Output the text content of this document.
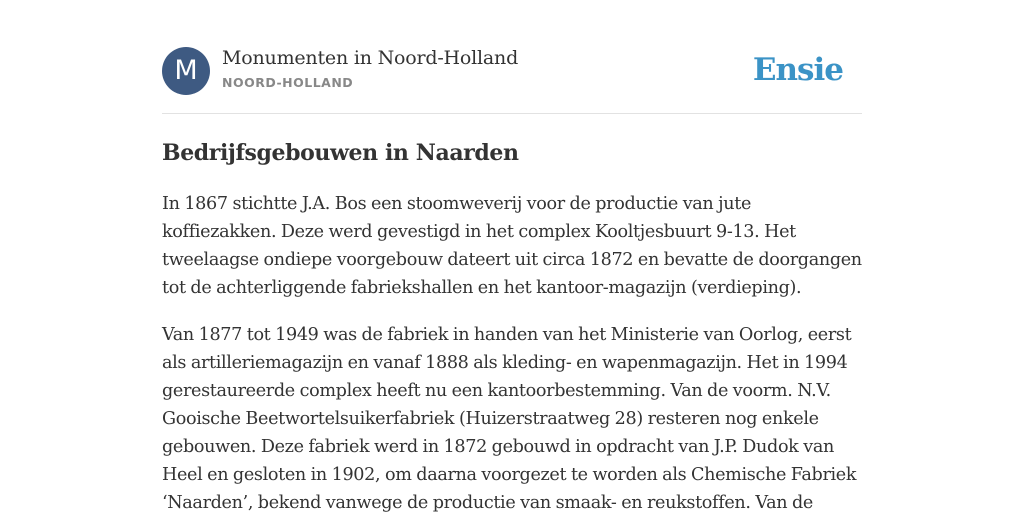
M	Monumenten in Noord-Holland
NOORD-HOLLAND	Ensie
Bedrijfsgebouwen in Naarden

In 1867 stichtte J.A. Bos een stoomweverij voor de productie van jute
koffiezakken. Deze werd gevestigd in het complex Kooltjesbuurt 9-13. Het
tweelaagse ondiepe voorgebouw dateert uit circa 1872 en bevatte de doorgangen
tot de achterliggende fabriekshallen en het kantoor-magazijn (verdieping).

Van 1877 tot 1949 was de fabriek in handen van het Ministerie van Oorlog, eerst
als artilleriemagazijn en vanaf 1888 als kleding- en wapenmagazijn. Het in 1994
gerestaureerde complex heeft nu een kantoorbestemming. Van de voorm. N.V.
Gooische Beetwortelsuikerfabriek (Huizerstraatweg 28) resteren nog enkele
gebouwen. Deze fabriek werd in 1872 gebouwd in opdracht van J.P. Dudok van
Heel en gesloten in 1902, om daarna voorgezet te worden als Chemische Fabriek
‘Naarden’, bekend vanwege de productie van smaak- en reukstoffen. Van de
